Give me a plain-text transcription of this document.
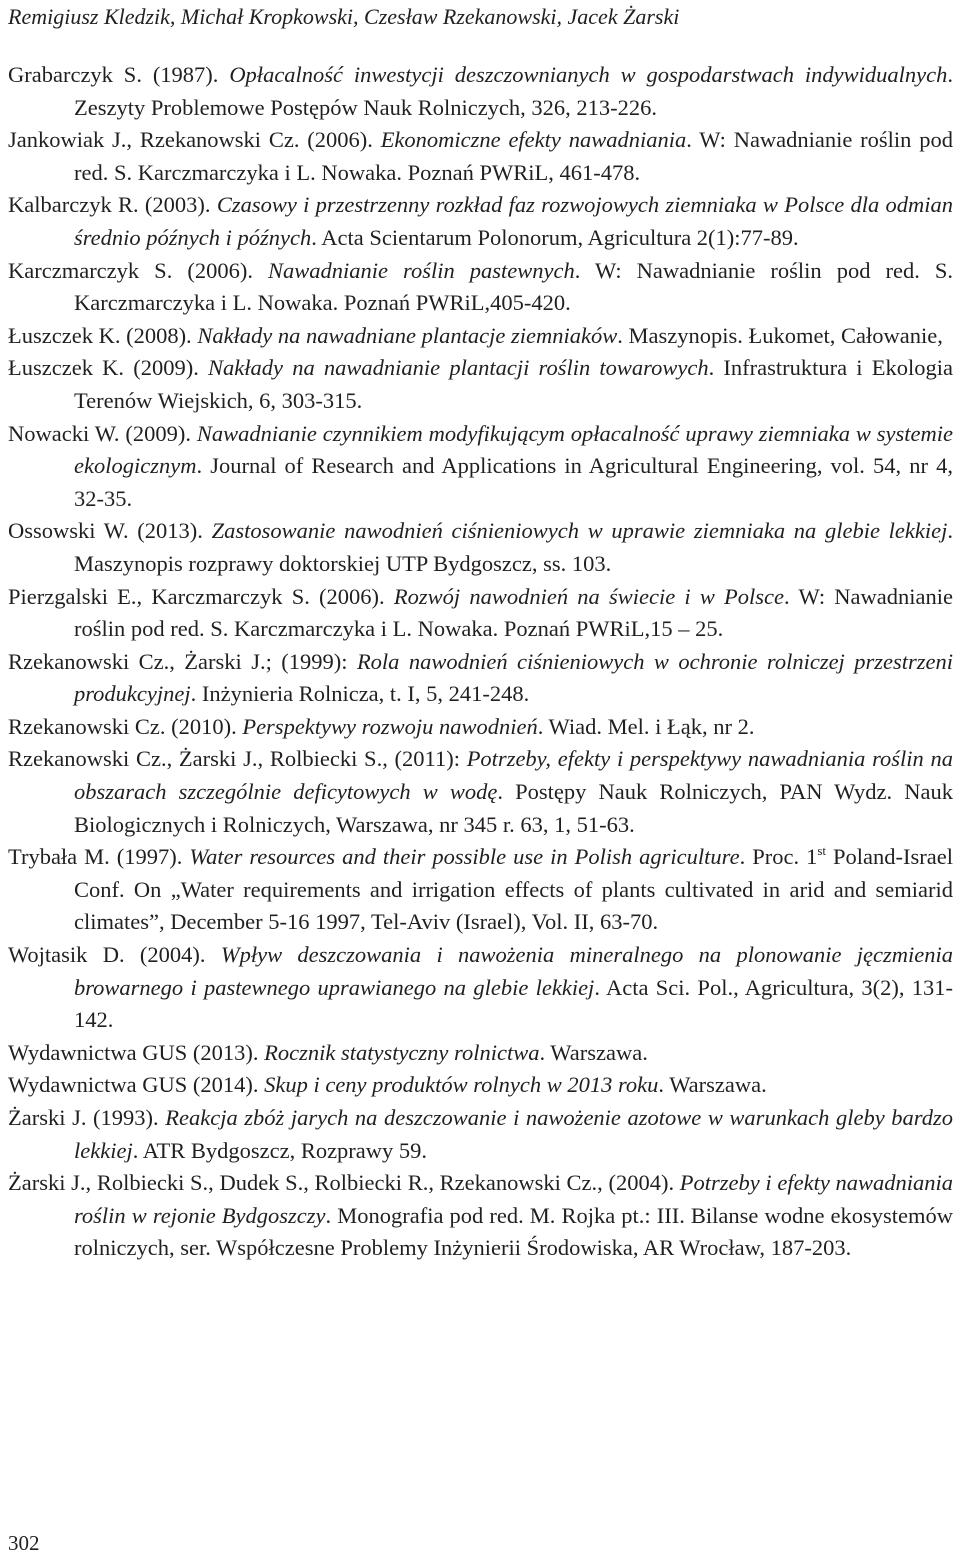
Remigiusz Kledzik, Michał Kropkowski, Czesław Rzekanowski, Jacek Żarski
Grabarczyk S. (1987). Opłacalność inwestycji deszczownianych w gospodarstwach indywidualnych. Zeszyty Problemowe Postępów Nauk Rolniczych, 326, 213-226.
Jankowiak J., Rzekanowski Cz. (2006). Ekonomiczne efekty nawadniania. W: Nawadnianie roślin pod red. S. Karczmarczyka i L. Nowaka. Poznań PWRiL, 461-478.
Kalbarczyk R. (2003). Czasowy i przestrzenny rozkład faz rozwojowych ziemniaka w Polsce dla odmian średnio późnych i późnych. Acta Scientarum Polonorum, Agricultura 2(1):77-89.
Karczmarczyk S. (2006). Nawadnianie roślin pastewnych. W: Nawadnianie roślin pod red. S. Karczmarczyka i L. Nowaka. Poznań PWRiL,405-420.
Łuszczek K. (2008). Nakłady na nawadniane plantacje ziemniaków. Maszynopis. Łukomet, Całowanie,
Łuszczek K. (2009). Nakłady na nawadnianie plantacji roślin towarowych. Infrastruktura i Ekologia Terenów Wiejskich, 6, 303-315.
Nowacki W. (2009). Nawadnianie czynnikiem modyfikującym opłacalność uprawy ziemniaka w systemie ekologicznym. Journal of Research and Applications in Agricultural Engineering, vol. 54, nr 4, 32-35.
Ossowski W. (2013). Zastosowanie nawodnień ciśnieniowych w uprawie ziemniaka na glebie lekkiej. Maszynopis rozprawy doktorskiej UTP Bydgoszcz, ss. 103.
Pierzgalski E., Karczmarczyk S. (2006). Rozwój nawodnień na świecie i w Polsce. W: Nawadnianie roślin pod red. S. Karczmarczyka i L. Nowaka. Poznań PWRiL,15 – 25.
Rzekanowski Cz., Żarski J.; (1999): Rola nawodnień ciśnieniowych w ochronie rolniczej przestrzeni produkcyjnej. Inżynieria Rolnicza, t. I, 5, 241-248.
Rzekanowski Cz. (2010). Perspektywy rozwoju nawodnień. Wiad. Mel. i Łąk, nr 2.
Rzekanowski Cz., Żarski J., Rolbiecki S., (2011): Potrzeby, efekty i perspektywy nawadniania roślin na obszarach szczególnie deficytowych w wodę. Postępy Nauk Rolniczych, PAN Wydz. Nauk Biologicznych i Rolniczych, Warszawa, nr 345 r. 63, 1, 51-63.
Trybała M. (1997). Water resources and their possible use in Polish agriculture. Proc. 1st Poland-Israel Conf. On „Water requirements and irrigation effects of plants cultivated in arid and semiarid climates”, December 5-16 1997, Tel-Aviv (Israel), Vol. II, 63-70.
Wojtasik D. (2004). Wpływ deszczowania i nawożenia mineralnego na plonowanie jęczmienia browarnego i pastewnego uprawianego na glebie lekkiej. Acta Sci. Pol., Agricultura, 3(2), 131-142.
Wydawnictwa GUS (2013). Rocznik statystyczny rolnictwa. Warszawa.
Wydawnictwa GUS (2014). Skup i ceny produktów rolnych w 2013 roku. Warszawa.
Żarski J. (1993). Reakcja zbóż jarych na deszczowanie i nawożenie azotowe w warunkach gleby bardzo lekkiej. ATR Bydgoszcz, Rozprawy 59.
Żarski J., Rolbiecki S., Dudek S., Rolbiecki R., Rzekanowski Cz., (2004). Potrzeby i efekty nawadniania roślin w rejonie Bydgoszczy. Monografia pod red. M. Rojka pt.: III. Bilanse wodne ekosystemów rolniczych, ser. Współczesne Problemy Inżynierii Środowiska, AR Wrocław, 187-203.
302
